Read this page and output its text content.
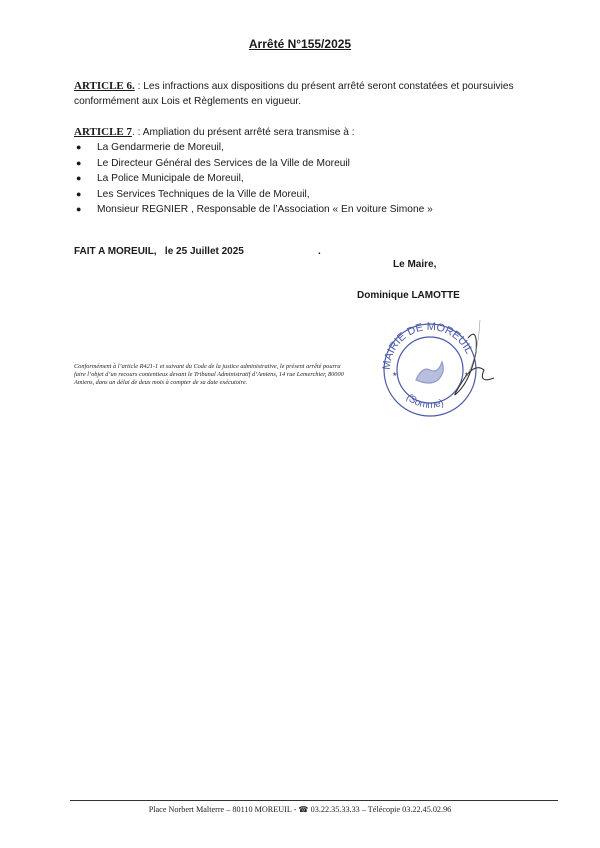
Arrêté N°155/2025
ARTICLE 6. : Les infractions aux dispositions du présent arrêté seront constatées et poursuivies conformément aux Lois et Règlements en vigueur.
ARTICLE 7. : Ampliation du présent arrêté sera transmise à :
● La Gendarmerie de Moreuil,
● Le Directeur Général des Services de la Ville de Moreuil
● La Police Municipale de Moreuil,
● Les Services Techniques de la Ville de Moreuil,
● Monsieur REGNIER , Responsable de l’Association « En voiture Simone »
FAIT A MOREUIL,   le 25 Juillet 2025	.
Le Maire,
Dominique LAMOTTE
Conformément à l’article R421-1 et suivant du Code de la justice administrative, le présent arrêté pourra faire l’objet d’un recours contentieux devant le Tribunal Administratif d’Amiens, 14 rue Lemerchier, 80000 Amiens, dans un délai de deux mois à compter de sa date exécutoire.
MAIRIE DE MOREUIL
(Somme)
★	★
Place Norbert Malterre – 80110 MOREUIL - ☎ 03.22.35.33.33 – Télécopie 03.22.45.02.96
